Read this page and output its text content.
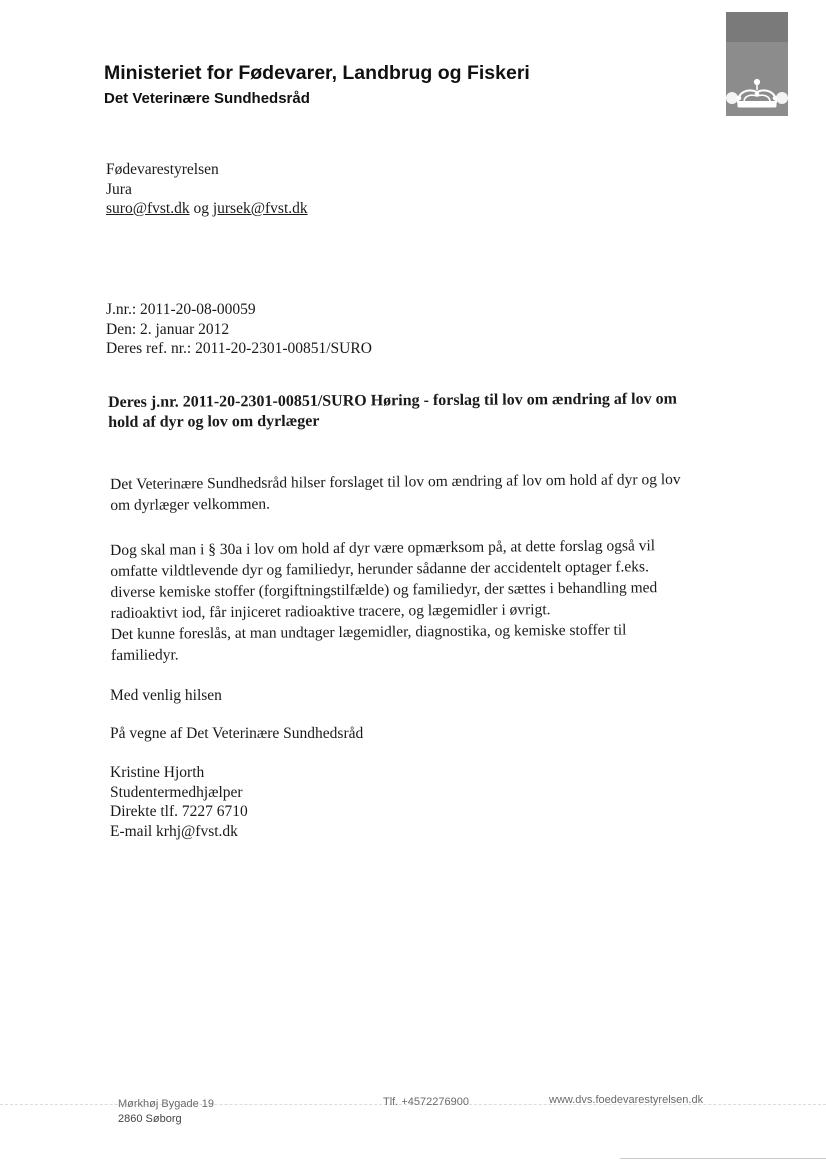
Ministeriet for Fødevarer, Landbrug og Fiskeri
Det Veterinære Sundhedsråd
Fødevarestyrelsen
Jura
suro@fvst.dk og jursek@fvst.dk
J.nr.: 2011-20-08-00059
Den: 2. januar 2012
Deres ref. nr.: 2011-20-2301-00851/SURO
Deres j.nr. 2011-20-2301-00851/SURO Høring - forslag til lov om ændring af lov om
hold af dyr og lov om dyrlæger
Det Veterinære Sundhedsråd hilser forslaget til lov om ændring af lov om hold af dyr og lov
om dyrlæger velkommen.
Dog skal man i § 30a i lov om hold af dyr være opmærksom på, at dette forslag også vil
omfatte vildtlevende dyr og familiedyr, herunder sådanne der accidentelt optager f.eks.
diverse kemiske stoffer (forgiftningstilfælde) og familiedyr, der sættes i behandling med
radioaktivt iod, får injiceret radioaktive tracere, og lægemidler i øvrigt.
Det kunne foreslås, at man undtager lægemidler, diagnostika, og kemiske stoffer til
familiedyr.
Med venlig hilsen
På vegne af Det Veterinære Sundhedsråd
Kristine Hjorth
Studentermedhjælper
Direkte tlf. 7227 6710
E-mail krhj@fvst.dk
Mørkhøj Bygade 19
2860 Søborg
Tlf. +4572276900	www.dvs.foedevarestyrelsen.dk
